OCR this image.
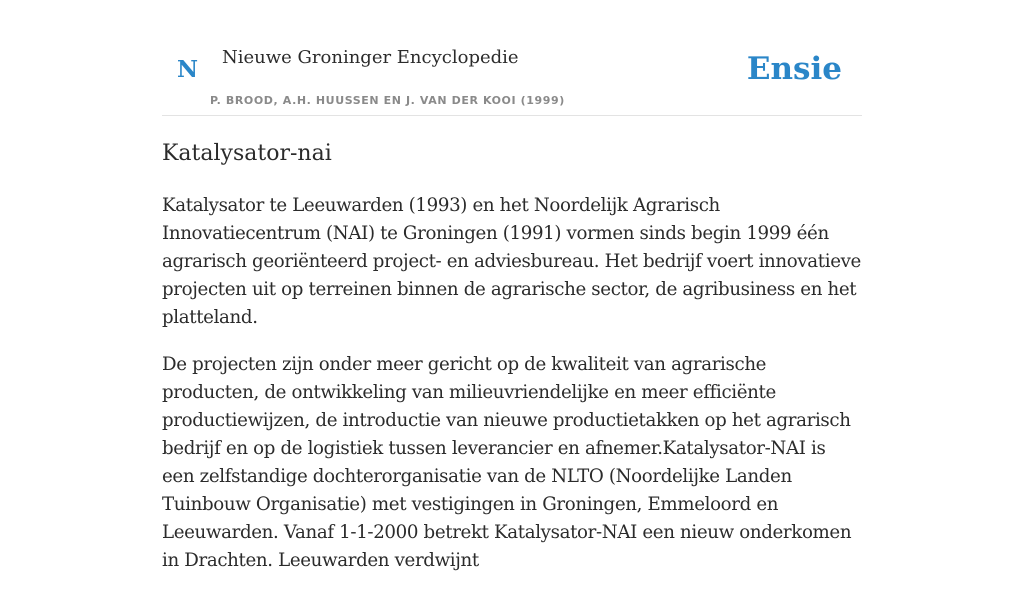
N Nieuwe Groninger Encyclopedie
P. BROOD, A.H. HUUSSEN EN J. VAN DER KOOI (1999)
Ensie
Katalysator-nai

Katalysator te Leeuwarden (1993) en het Noordelijk Agrarisch Innovatiecentrum (NAI) te Groningen (1991) vormen sinds begin 1999 één agrarisch georiënteerd project- en adviesbureau. Het bedrijf voert innovatieve projecten uit op terreinen binnen de agrarische sector, de agribusiness en het platteland.

De projecten zijn onder meer gericht op de kwaliteit van agrarische producten, de ontwikkeling van milieuvriendelijke en meer efficiënte productiewijzen, de introductie van nieuwe productietakken op het agrarisch bedrijf en op de logistiek tussen leverancier en afnemer.Katalysator-NAI is een zelfstandige dochterorganisatie van de NLTO (Noordelijke Landen Tuinbouw Organisatie) met vestigingen in Groningen, Emmeloord en Leeuwarden. Vanaf 1-1-2000 betrekt Katalysator-NAI een nieuw onderkomen in Drachten. Leeuwarden verdwijnt
